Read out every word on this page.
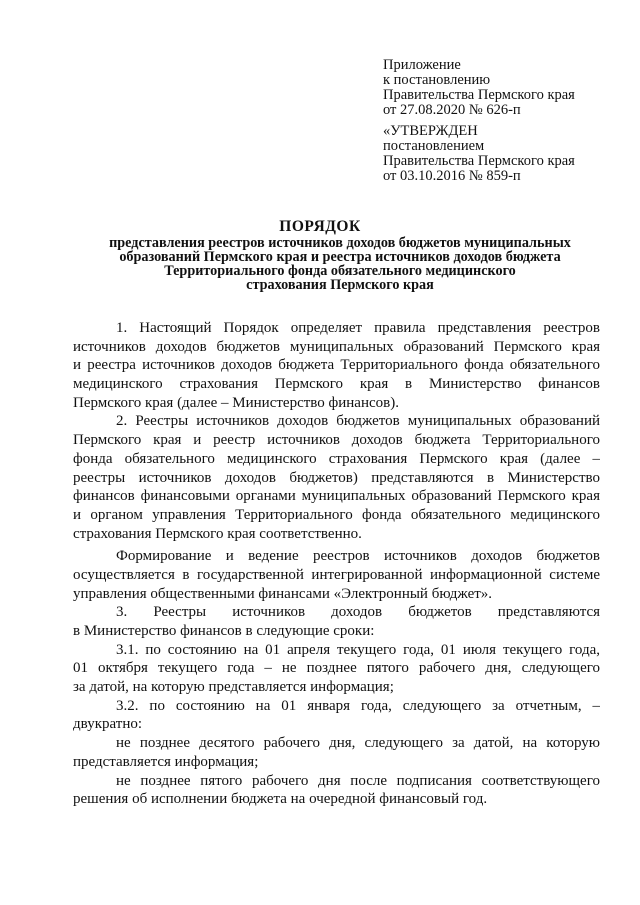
Приложение
к постановлению
Правительства Пермского края
от 27.08.2020 № 626-п
«УТВЕРЖДЕН
постановлением
Правительства Пермского края
от 03.10.2016 № 859-п
ПОРЯДОК
представления реестров источников доходов бюджетов муниципальных
образований Пермского края и реестра источников доходов бюджета
Территориального фонда обязательного медицинского
страхования Пермского края
1. Настоящий Порядок определяет правила представления реестров
источников доходов бюджетов муниципальных образований Пермского края
и реестра источников доходов бюджета Территориального фонда обязательного
медицинского страхования Пермского края в Министерство финансов
Пермского края (далее – Министерство финансов).
2. Реестры источников доходов бюджетов муниципальных образований
Пермского края и реестр источников доходов бюджета Территориального
фонда обязательного медицинского страхования Пермского края (далее –
реестры источников доходов бюджетов) представляются в Министерство
финансов финансовыми органами муниципальных образований Пермского края
и органом управления Территориального фонда обязательного медицинского
страхования Пермского края соответственно.
Формирование и ведение реестров источников доходов бюджетов
осуществляется в государственной интегрированной информационной системе
управления общественными финансами «Электронный бюджет».
3. Реестры источников доходов бюджетов представляются
в Министерство финансов в следующие сроки:
3.1. по состоянию на 01 апреля текущего года, 01 июля текущего года,
01 октября текущего года – не позднее пятого рабочего дня, следующего
за датой, на которую представляется информация;
3.2. по состоянию на 01 января года, следующего за отчетным, –
двукратно:
не позднее десятого рабочего дня, следующего за датой, на которую
представляется информация;
не позднее пятого рабочего дня после подписания соответствующего
решения об исполнении бюджета на очередной финансовый год.
